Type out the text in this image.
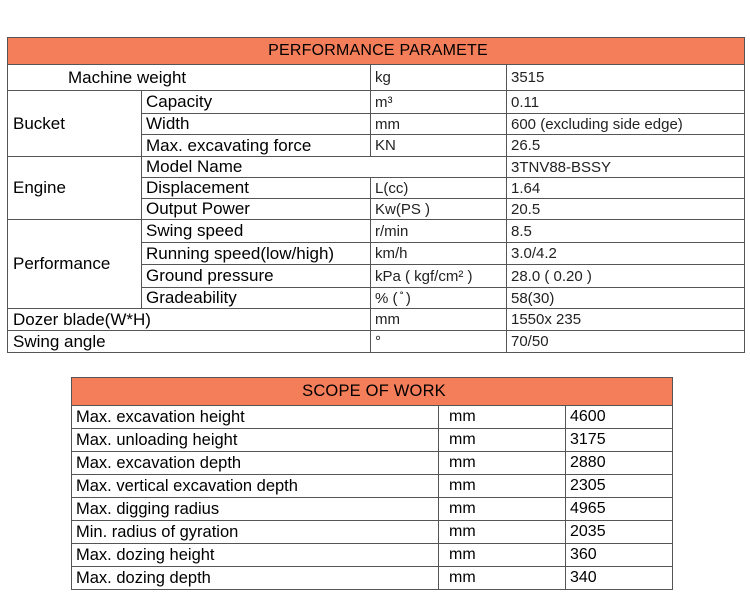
PERFORMANCE PARAMETE			
Machine weight		kg	3515
Bucket	Capacity	m³	0.11
	Width	mm	600 (excluding side edge)
	Max. excavating force	KN	26.5
Engine	Model Name		3TNV88-BSSY
	Displacement	L(cc)	1.64
	Output Power	Kw(PS )	20.5
Performance	Swing speed	r/min	8.5
	Running speed(low/high)	km/h	3.0/4.2
	Ground pressure	kPa ( kgf/cm² )	28.0 ( 0.20 )
	Gradeability	% ( ̊ )	58(30)
Dozer blade(W*H)		mm	1550x 235
Swing angle		°	70/50
SCOPE OF WORK		
Max. excavation height	mm	4600
Max. unloading height	mm	3175
Max. excavation depth	mm	2880
Max. vertical excavation depth	mm	2305
Max. digging radius	mm	4965
Min. radius of gyration	mm	2035
Max. dozing height	mm	360
Max. dozing depth	mm	340
